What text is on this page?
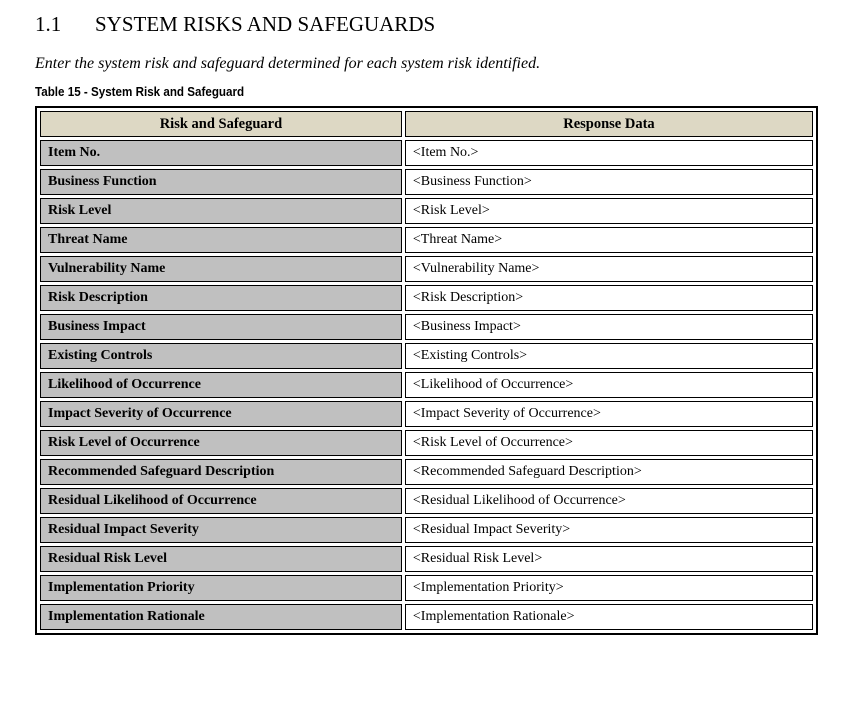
1.1	SYSTEM RISKS AND SAFEGUARDS

Enter the system risk and safeguard determined for each system risk identified.

Table 15 - System Risk and Safeguard

Risk and Safeguard	Response Data
Item No.	<Item No.>
Business Function	<Business Function>
Risk Level	<Risk Level>
Threat Name	<Threat Name>
Vulnerability Name	<Vulnerability Name>
Risk Description	<Risk Description>
Business Impact	<Business Impact>
Existing Controls	<Existing Controls>
Likelihood of Occurrence	<Likelihood of Occurrence>
Impact Severity of Occurrence	<Impact Severity of Occurrence>
Risk Level of Occurrence	<Risk Level of Occurrence>
Recommended Safeguard Description	<Recommended Safeguard Description>
Residual Likelihood of Occurrence	<Residual Likelihood of Occurrence>
Residual Impact Severity	<Residual Impact Severity>
Residual Risk Level	<Residual Risk Level>
Implementation Priority	<Implementation Priority>
Implementation Rationale	<Implementation Rationale>
